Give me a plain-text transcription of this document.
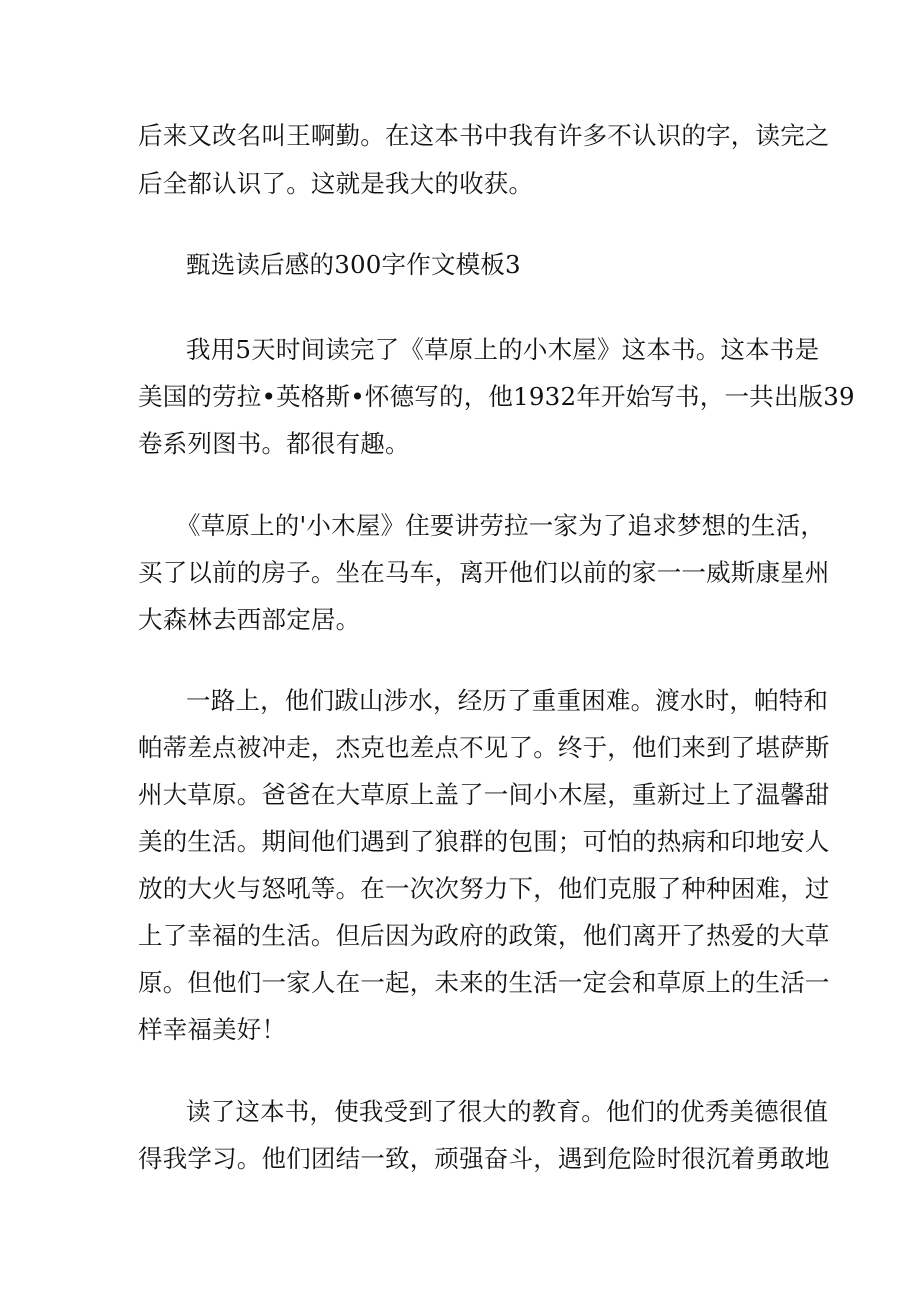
后来又改名叫王啊勤。在这本书中我有许多不认识的字，读完之
后全都认识了。这就是我大的收获。
甄选读后感的300字作文模板3
我用5天时间读完了《草原上的小木屋》这本书。这本书是
美国的劳拉•英格斯•怀德写的，他1932年开始写书，一共出版39
卷系列图书。都很有趣。
《草原上的'小木屋》住要讲劳拉一家为了追求梦想的生活，
买了以前的房子。坐在马车，离开他们以前的家一一威斯康星州
大森林去西部定居。
一路上，他们跋山涉水，经历了重重困难。渡水时，帕特和
帕蒂差点被冲走，杰克也差点不见了。终于，他们来到了堪萨斯
州大草原。爸爸在大草原上盖了一间小木屋，重新过上了温馨甜
美的生活。期间他们遇到了狼群的包围；可怕的热病和印地安人
放的大火与怒吼等。在一次次努力下，他们克服了种种困难，过
上了幸福的生活。但后因为政府的政策，他们离开了热爱的大草
原。但他们一家人在一起，未来的生活一定会和草原上的生活一
样幸福美好！
读了这本书，使我受到了很大的教育。他们的优秀美德很值
得我学习。他们团结一致，顽强奋斗，遇到危险时很沉着勇敢地
